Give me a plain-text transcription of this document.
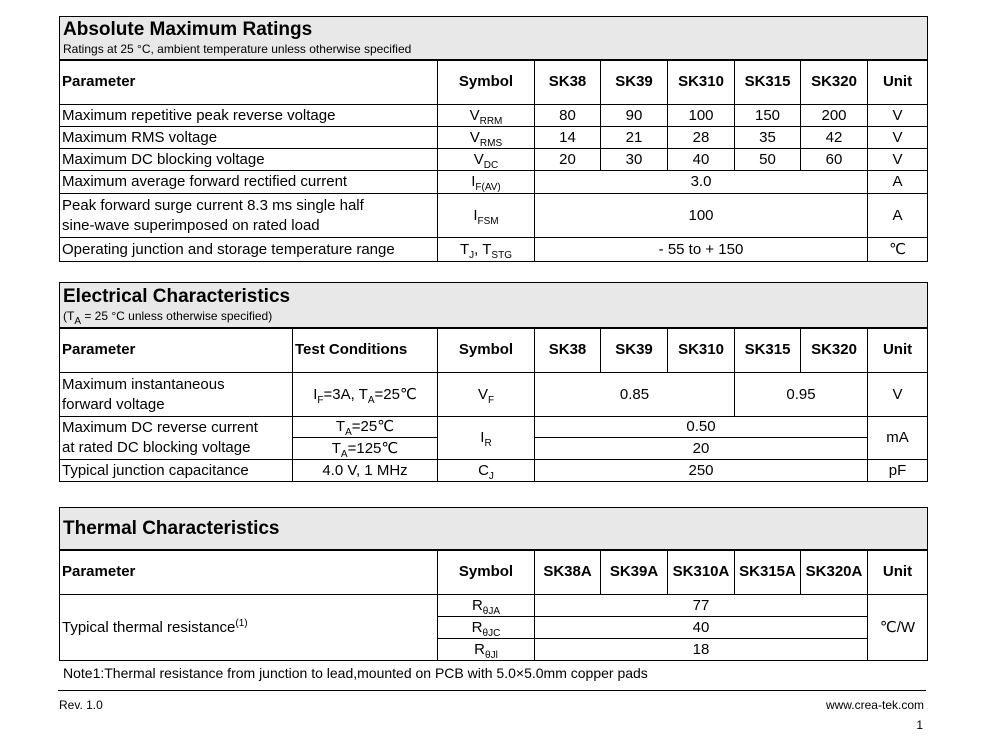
Absolute Maximum Ratings
Ratings at 25 °C, ambient temperature unless otherwise specified							

Parameter	Symbol	SK38	SK39	SK310	SK315	SK320	Unit
Maximum repetitive peak reverse voltage	$V_{RRM}$	80	90	100	150	200	V
Maximum RMS voltage	$V_{RMS}$	14	21	28	35	42	V
Maximum DC blocking voltage	$V_{DC}$	20	30	40	50	60	V
Maximum average forward rectified current	$I_{F(AV)}$	3.0					A
Peak forward surge current 8.3 ms single half
sine-wave superimposed on rated load	$I_{FSM}$	100					A
Operating junction and storage temperature range	$T_J$, $T_{STG}$	- 55 to + 150					℃
Electrical Characteristics
($T_A = 25$ °C unless otherwise specified)								

Parameter	Test Conditions	Symbol	SK38	SK39	SK310	SK315	SK320	Unit
Maximum instantaneous
forward voltage	$I_F=3A$, $T_A=25℃$	$V_F$	0.85			0.95		V
Maximum DC reverse current
at rated DC blocking voltage	$T_A=25℃$	$I_R$	0.50					mA
	$T_A=125℃$		20					
Typical junction capacitance	4.0 V, 1 MHz	$C_J$	250					pF
Thermal Characteristics							

Parameter	Symbol	SK38A	SK39A	SK310A	SK315A	SK320A	Unit
Typical thermal resistance$^{(1)}$	$R_{\theta JA}$	77					℃/W
	$R_{\theta JC}$	40					
	$R_{\theta Jl}$	18					
Note1:Thermal resistance from junction to lead,mounted on PCB with 5.0×5.0mm copper pads
Rev. 1.0	www.crea-tek.com
1
